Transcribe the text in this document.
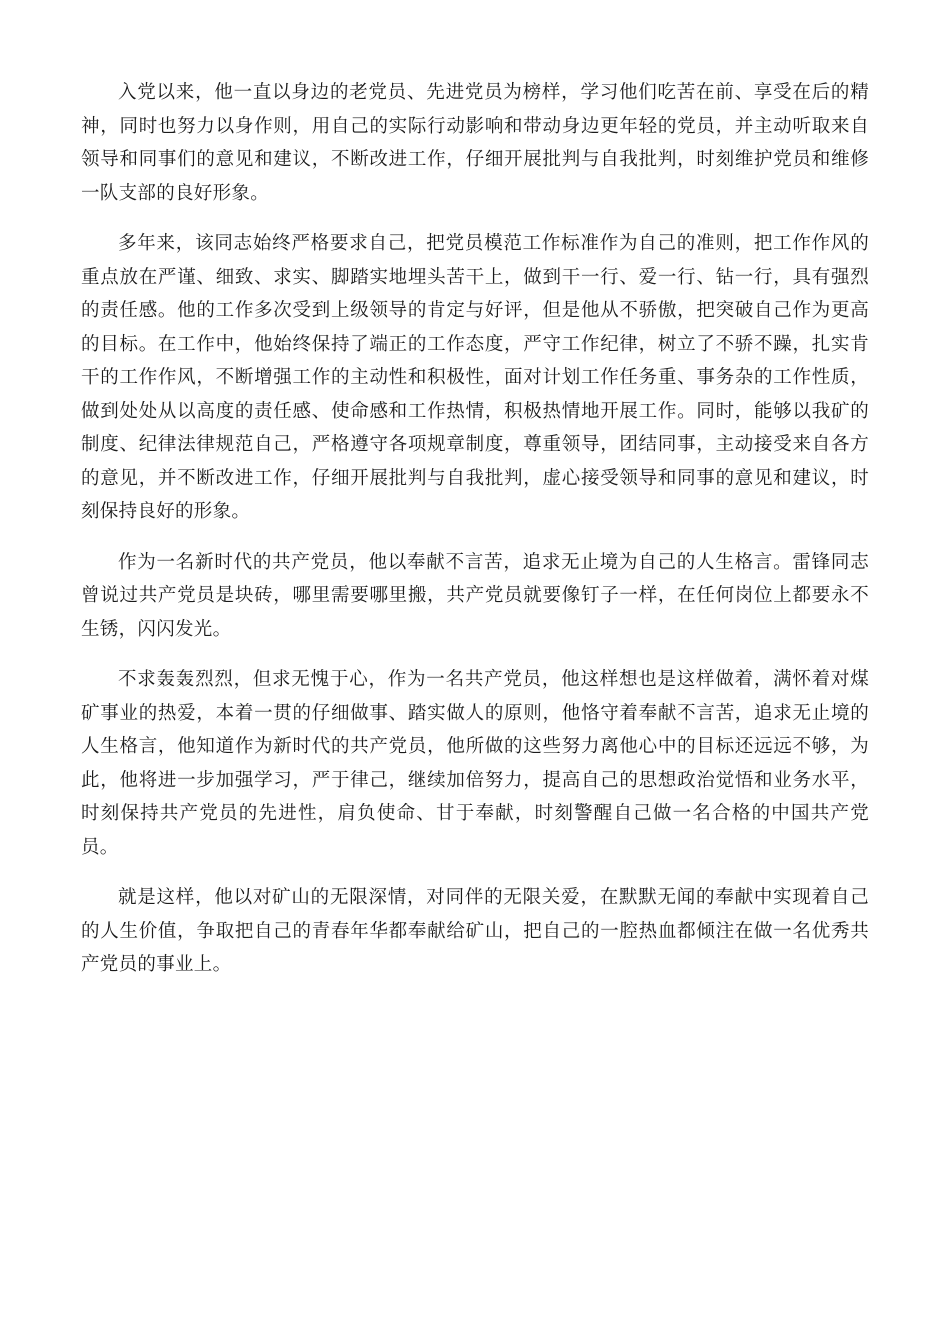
入党以来，他一直以身边的老党员、先进党员为榜样，学习他们吃苦在前、享受在后的精神，同时也努力以身作则，用自己的实际行动影响和带动身边更年轻的党员，并主动听取来自领导和同事们的意见和建议，不断改进工作，仔细开展批判与自我批判，时刻维护党员和维修一队支部的良好形象。

多年来，该同志始终严格要求自己，把党员模范工作标准作为自己的准则，把工作作风的重点放在严谨、细致、求实、脚踏实地埋头苦干上，做到干一行、爱一行、钻一行，具有强烈的责任感。他的工作多次受到上级领导的肯定与好评，但是他从不骄傲，把突破自己作为更高的目标。在工作中，他始终保持了端正的工作态度，严守工作纪律，树立了不骄不躁，扎实肯干的工作作风，不断增强工作的主动性和积极性，面对计划工作任务重、事务杂的工作性质，做到处处从以高度的责任感、使命感和工作热情，积极热情地开展工作。同时，能够以我矿的制度、纪律法律规范自己，严格遵守各项规章制度，尊重领导，团结同事，主动接受来自各方的意见，并不断改进工作，仔细开展批判与自我批判，虚心接受领导和同事的意见和建议，时刻保持良好的形象。

作为一名新时代的共产党员，他以奉献不言苦，追求无止境为自己的人生格言。雷锋同志曾说过共产党员是块砖，哪里需要哪里搬，共产党员就要像钉子一样，在任何岗位上都要永不生锈，闪闪发光。

不求轰轰烈烈，但求无愧于心，作为一名共产党员，他这样想也是这样做着，满怀着对煤矿事业的热爱，本着一贯的仔细做事、踏实做人的原则，他恪守着奉献不言苦，追求无止境的人生格言，他知道作为新时代的共产党员，他所做的这些努力离他心中的目标还远远不够，为此，他将进一步加强学习，严于律己，继续加倍努力，提高自己的思想政治觉悟和业务水平，时刻保持共产党员的先进性，肩负使命、甘于奉献，时刻警醒自己做一名合格的中国共产党员。

就是这样，他以对矿山的无限深情，对同伴的无限关爱，在默默无闻的奉献中实现着自己的人生价值，争取把自己的青春年华都奉献给矿山，把自己的一腔热血都倾注在做一名优秀共产党员的事业上。
